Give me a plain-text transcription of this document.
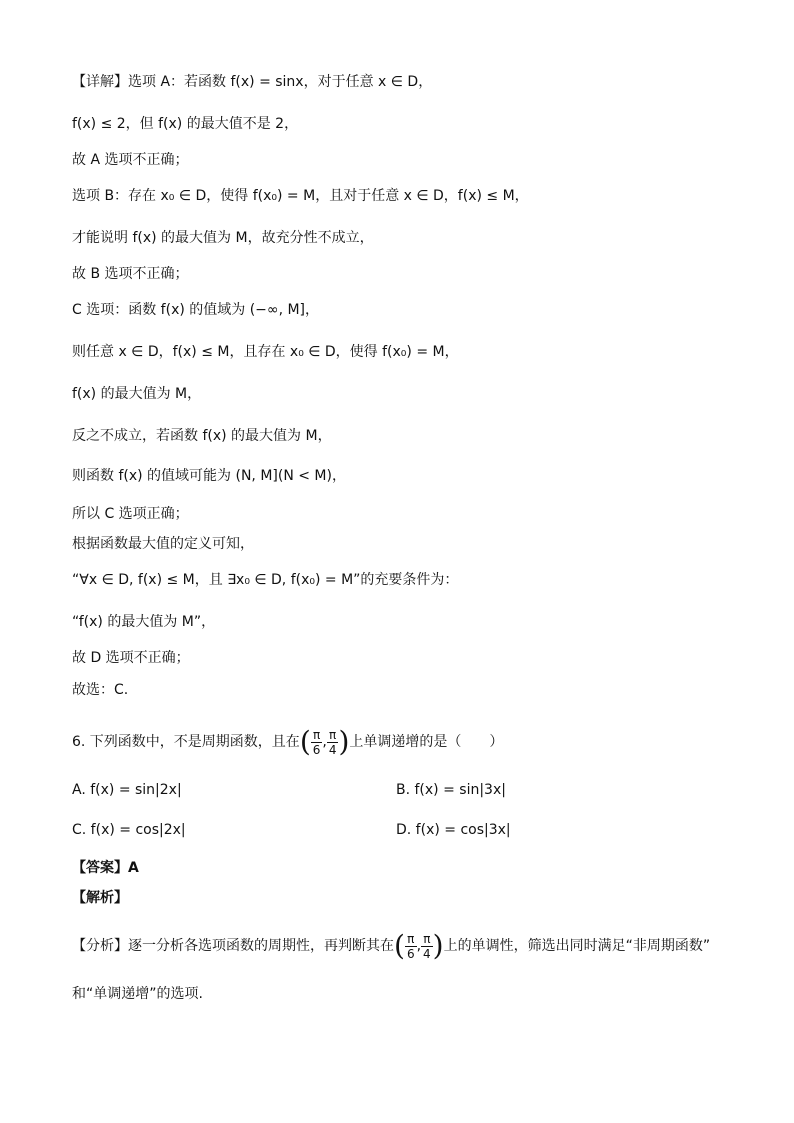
【详解】选项 A：若函数 f(x) = sinx，对于任意 x ∈ D，
f(x) ≤ 2，但 f(x) 的最大值不是 2，
故 A 选项不正确；
选项 B：存在 x₀ ∈ D，使得 f(x₀) = M，且对于任意 x ∈ D，f(x) ≤ M，
才能说明 f(x) 的最大值为 M，故充分性不成立，
故 B 选项不正确；
C 选项：函数 f(x) 的值域为 (−∞, M]，
则任意 x ∈ D，f(x) ≤ M，且存在 x₀ ∈ D，使得 f(x₀) = M，
f(x) 的最大值为 M，
反之不成立，若函数 f(x) 的最大值为 M，
则函数 f(x) 的值域可能为 (N, M](N < M)，
所以 C 选项正确；
根据函数最大值的定义可知，
“∀x ∈ D, f(x) ≤ M，且 ∃x₀ ∈ D, f(x₀) = M”的充要条件为：
“f(x) 的最大值为 M”，
故 D 选项不正确；
故选：C.
6. 下列函数中，不是周期函数，且在( $\frac{\pi}{6}$ , $\frac{\pi}{4}$ )上单调递增的是（　　）
A. f(x) = sin|2x|	B. f(x) = sin|3x|
C. f(x) = cos|2x|	D. f(x) = cos|3x|
【答案】A
【解析】
【分析】逐一分析各选项函数的周期性，再判断其在( $\frac{\pi}{6}$ , $\frac{\pi}{4}$ )上的单调性，筛选出同时满足“非周期函数”
和“单调递增”的选项.
